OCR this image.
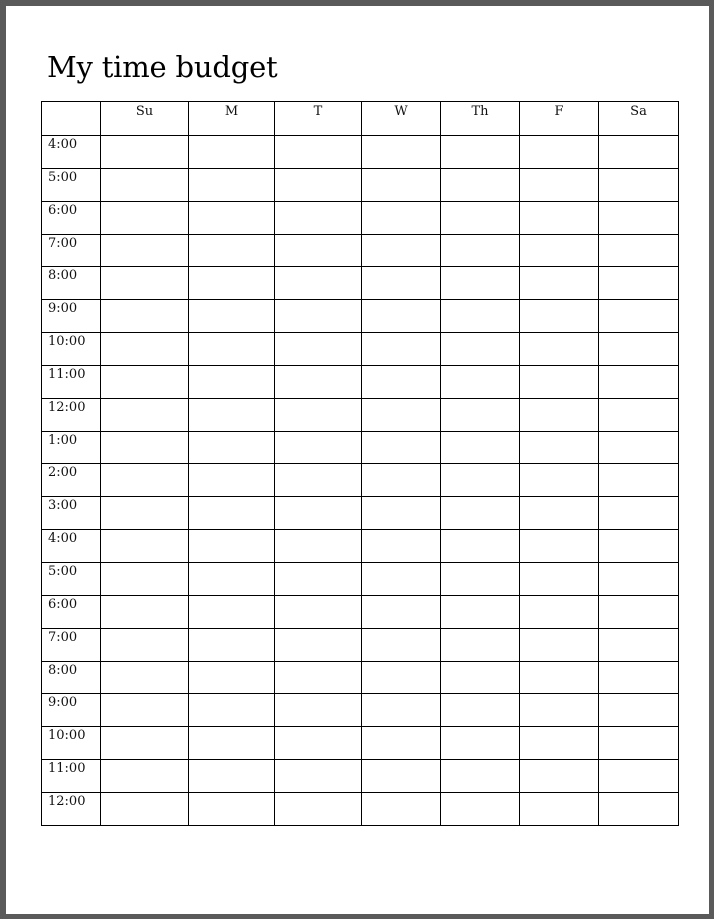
My time budget
	Su	M	T	W	Th	F	Sa
4:00							
5:00							
6:00							
7:00							
8:00							
9:00							
10:00							
11:00							
12:00							
1:00							
2:00							
3:00							
4:00							
5:00							
6:00							
7:00							
8:00							
9:00							
10:00							
11:00							
12:00							
